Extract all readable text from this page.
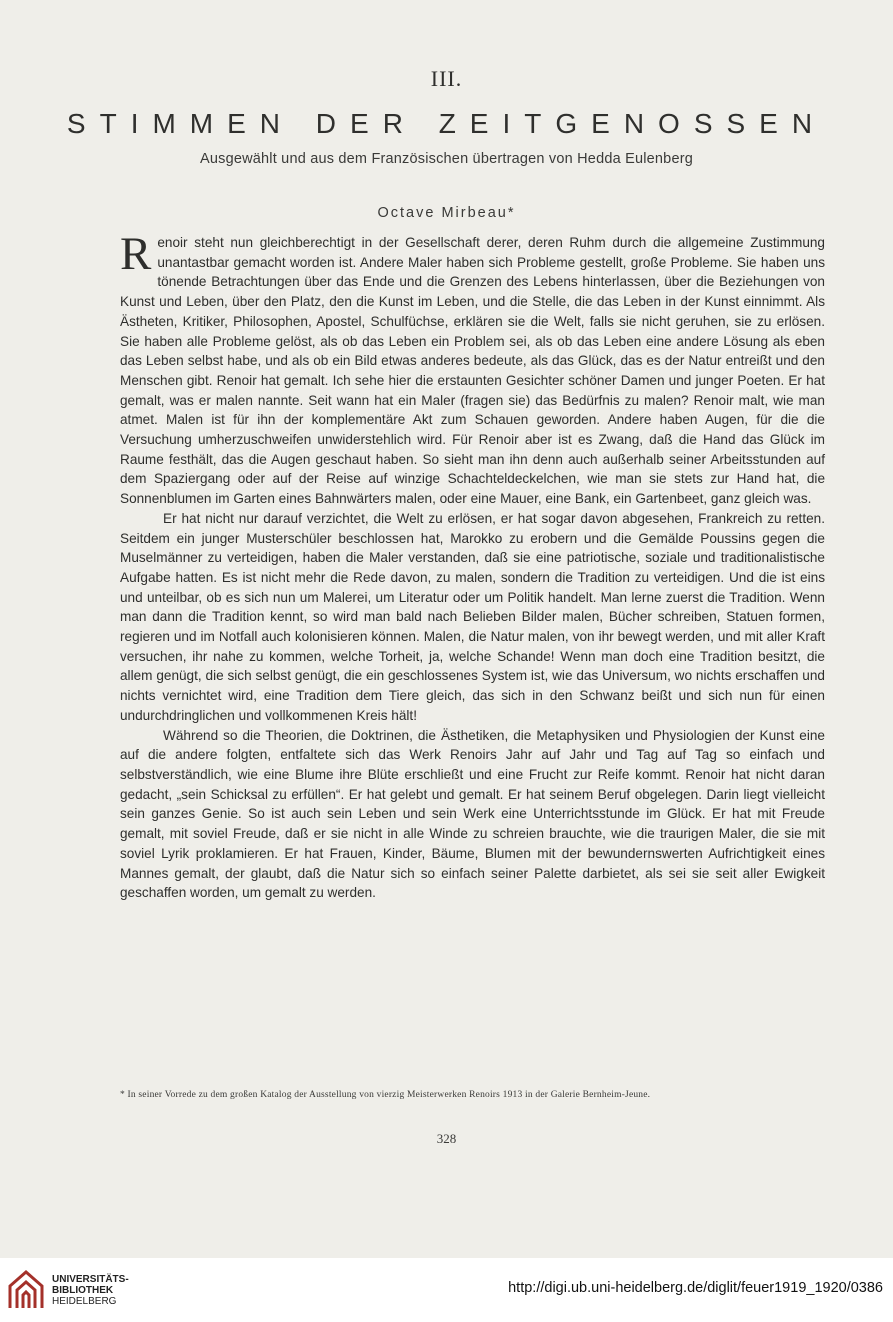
III.
STIMMEN DER ZEITGENOSSEN
Ausgewählt und aus dem Französischen übertragen von Hedda Eulenberg
Octave Mirbeau*

Renoir steht nun gleichberechtigt in der Gesellschaft derer, deren Ruhm durch die allgemeine Zustimmung unantastbar gemacht worden ist. Andere Maler haben sich Probleme gestellt, große Probleme. Sie haben uns tönende Betrachtungen über das Ende und die Grenzen des Lebens hinterlassen, über die Beziehungen von Kunst und Leben, über den Platz, den die Kunst im Leben, und die Stelle, die das Leben in der Kunst einnimmt. Als Ästheten, Kritiker, Philosophen, Apostel, Schulfüchse, erklären sie die Welt, falls sie nicht geruhen, sie zu erlösen. Sie haben alle Probleme gelöst, als ob das Leben ein Problem sei, als ob das Leben eine andere Lösung als eben das Leben selbst habe, und als ob ein Bild etwas anderes bedeute, als das Glück, das es der Natur entreißt und den Menschen gibt. Renoir hat gemalt. Ich sehe hier die erstaunten Gesichter schöner Damen und junger Poeten. Er hat gemalt, was er malen nannte. Seit wann hat ein Maler (fragen sie) das Bedürfnis zu malen? Renoir malt, wie man atmet. Malen ist für ihn der komplementäre Akt zum Schauen geworden. Andere haben Augen, für die die Versuchung umherzuschweifen unwiderstehlich wird. Für Renoir aber ist es Zwang, daß die Hand das Glück im Raume festhält, das die Augen geschaut haben. So sieht man ihn denn auch außerhalb seiner Arbeitsstunden auf dem Spaziergang oder auf der Reise auf winzige Schachteldeckelchen, wie man sie stets zur Hand hat, die Sonnenblumen im Garten eines Bahnwärters malen, oder eine Mauer, eine Bank, ein Gartenbeet, ganz gleich was.

Er hat nicht nur darauf verzichtet, die Welt zu erlösen, er hat sogar davon abgesehen, Frankreich zu retten. Seitdem ein junger Musterschüler beschlossen hat, Marokko zu erobern und die Gemälde Poussins gegen die Muselmänner zu verteidigen, haben die Maler verstanden, daß sie eine patriotische, soziale und traditionalistische Aufgabe hatten. Es ist nicht mehr die Rede davon, zu malen, sondern die Tradition zu verteidigen. Und die ist eins und unteilbar, ob es sich nun um Malerei, um Literatur oder um Politik handelt. Man lerne zuerst die Tradition. Wenn man dann die Tradition kennt, so wird man bald nach Belieben Bilder malen, Bücher schreiben, Statuen formen, regieren und im Notfall auch kolonisieren können. Malen, die Natur malen, von ihr bewegt werden, und mit aller Kraft versuchen, ihr nahe zu kommen, welche Torheit, ja, welche Schande! Wenn man doch eine Tradition besitzt, die allem genügt, die sich selbst genügt, die ein geschlossenes System ist, wie das Universum, wo nichts erschaffen und nichts vernichtet wird, eine Tradition dem Tiere gleich, das sich in den Schwanz beißt und sich nun für einen undurchdringlichen und vollkommenen Kreis hält!

Während so die Theorien, die Doktrinen, die Ästhetiken, die Metaphysiken und Physiologien der Kunst eine auf die andere folgten, entfaltete sich das Werk Renoirs Jahr auf Jahr und Tag auf Tag so einfach und selbstverständlich, wie eine Blume ihre Blüte erschließt und eine Frucht zur Reife kommt. Renoir hat nicht daran gedacht, „sein Schicksal zu erfüllen“. Er hat gelebt und gemalt. Er hat seinem Beruf obgelegen. Darin liegt vielleicht sein ganzes Genie. So ist auch sein Leben und sein Werk eine Unterrichtsstunde im Glück. Er hat mit Freude gemalt, mit soviel Freude, daß er sie nicht in alle Winde zu schreien brauchte, wie die traurigen Maler, die sie mit soviel Lyrik proklamieren. Er hat Frauen, Kinder, Bäume, Blumen mit der bewundernswerten Aufrichtigkeit eines Mannes gemalt, der glaubt, daß die Natur sich so einfach seiner Palette darbietet, als sei sie seit aller Ewigkeit geschaffen worden, um gemalt zu werden.

* In seiner Vorrede zu dem großen Katalog der Ausstellung von vierzig Meisterwerken Renoirs 1913 in der Galerie Bernheim-Jeune.
328
UNIVERSITÄTS-
BIBLIOTHEK
HEIDELBERG
http://digi.ub.uni-heidelberg.de/diglit/feuer1919_1920/0386
